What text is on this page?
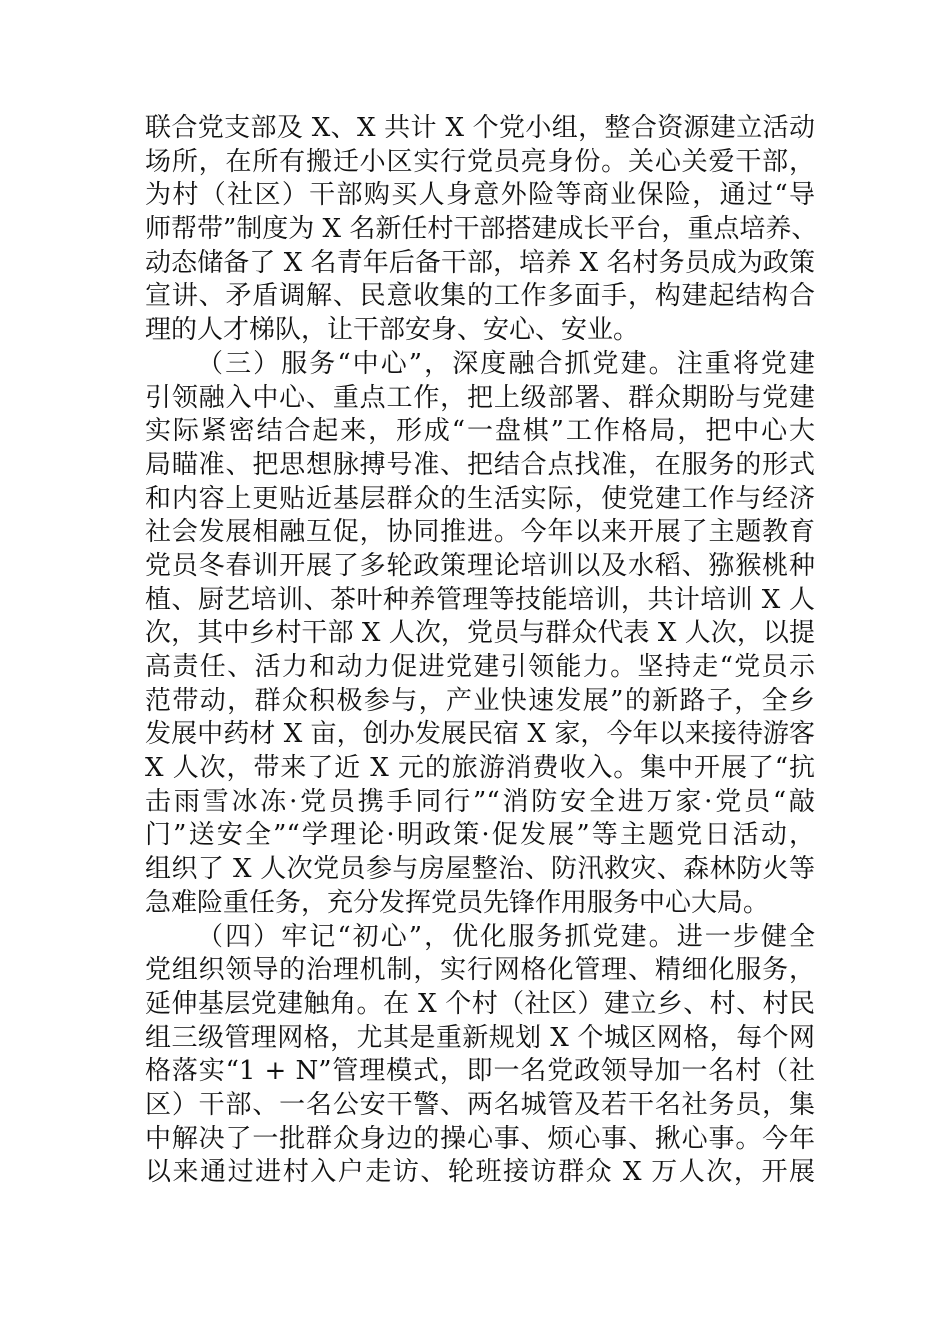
联合党支部及 X、X 共计 X 个党小组，整合资源建立活动
场所，在所有搬迁小区实行党员亮身份。关心关爱干部，
为村（社区）干部购买人身意外险等商业保险，通过“导
师帮带”制度为 X 名新任村干部搭建成长平台，重点培养、
动态储备了 X 名青年后备干部，培养 X 名村务员成为政策
宣讲、矛盾调解、民意收集的工作多面手，构建起结构合
理的人才梯队，让干部安身、安心、安业。
（三）服务“中心”，深度融合抓党建。注重将党建
引领融入中心、重点工作，把上级部署、群众期盼与党建
实际紧密结合起来，形成“一盘棋”工作格局，把中心大
局瞄准、把思想脉搏号准、把结合点找准，在服务的形式
和内容上更贴近基层群众的生活实际，使党建工作与经济
社会发展相融互促，协同推进。今年以来开展了主题教育
党员冬春训开展了多轮政策理论培训以及水稻、猕猴桃种
植、厨艺培训、茶叶种养管理等技能培训，共计培训 X 人
次，其中乡村干部 X 人次，党员与群众代表 X 人次，以提
高责任、活力和动力促进党建引领能力。坚持走“党员示
范带动，群众积极参与，产业快速发展”的新路子，全乡
发展中药材 X 亩，创办发展民宿 X 家，今年以来接待游客
X 人次，带来了近 X 元的旅游消费收入。集中开展了“抗
击雨雪冰冻·党员携手同行”“消防安全进万家·党员“敲
门”送安全”“学理论·明政策·促发展”等主题党日活动，
组织了 X 人次党员参与房屋整治、防汛救灾、森林防火等
急难险重任务，充分发挥党员先锋作用服务中心大局。
（四）牢记“初心”，优化服务抓党建。进一步健全
党组织领导的治理机制，实行网格化管理、精细化服务，
延伸基层党建触角。在 X 个村（社区）建立乡、村、村民
组三级管理网格，尤其是重新规划 X 个城区网格，每个网
格落实“1 + N”管理模式，即一名党政领导加一名村（社
区）干部、一名公安干警、两名城管及若干名社务员，集
中解决了一批群众身边的操心事、烦心事、揪心事。今年
以来通过进村入户走访、轮班接访群众 X 万人次，开展
